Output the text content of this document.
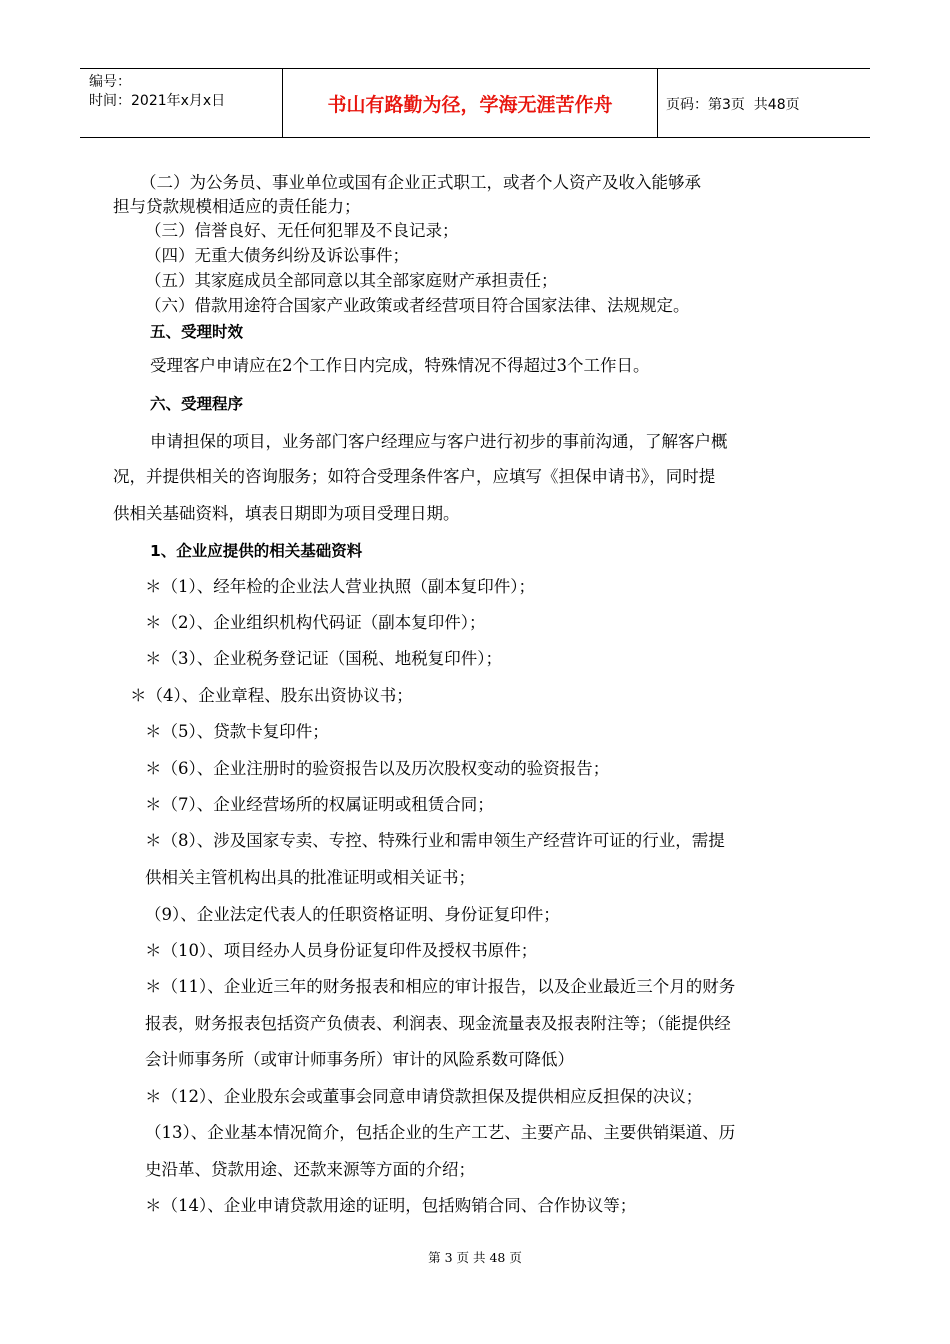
编号：
时间：2021年x月x日	书山有路勤为径，学海无涯苦作舟	页码：第3页  共48页
（二）为公务员、事业单位或国有企业正式职工，或者个人资产及收入能够承
担与贷款规模相适应的责任能力；
（三）信誉良好、无任何犯罪及不良记录；
（四）无重大债务纠纷及诉讼事件；
（五）其家庭成员全部同意以其全部家庭财产承担责任；
（六）借款用途符合国家产业政策或者经营项目符合国家法律、法规规定。
五、受理时效
受理客户申请应在2个工作日内完成，特殊情况不得超过3个工作日。
六、受理程序
申请担保的项目，业务部门客户经理应与客户进行初步的事前沟通，了解客户概
况，并提供相关的咨询服务；如符合受理条件客户，应填写《担保申请书》，同时提
供相关基础资料，填表日期即为项目受理日期。
1、企业应提供的相关基础资料
＊（1）、经年检的企业法人营业执照（副本复印件）；
＊（2）、企业组织机构代码证（副本复印件）；
＊（3）、企业税务登记证（国税、地税复印件）；
＊（4）、企业章程、股东出资协议书；
＊（5）、贷款卡复印件；
＊（6）、企业注册时的验资报告以及历次股权变动的验资报告；
＊（7）、企业经营场所的权属证明或租赁合同；
＊（8）、涉及国家专卖、专控、特殊行业和需申领生产经营许可证的行业，需提
供相关主管机构出具的批准证明或相关证书；
（9）、企业法定代表人的任职资格证明、身份证复印件；
＊（10）、项目经办人员身份证复印件及授权书原件；
＊（11）、企业近三年的财务报表和相应的审计报告，以及企业最近三个月的财务
报表，财务报表包括资产负债表、利润表、现金流量表及报表附注等；（能提供经
会计师事务所（或审计师事务所）审计的风险系数可降低）
＊（12）、企业股东会或董事会同意申请贷款担保及提供相应反担保的决议；
（13）、企业基本情况简介，包括企业的生产工艺、主要产品、主要供销渠道、历
史沿革、贷款用途、还款来源等方面的介绍；
＊（14）、企业申请贷款用途的证明，包括购销合同、合作协议等；
第 3 页 共 48 页
